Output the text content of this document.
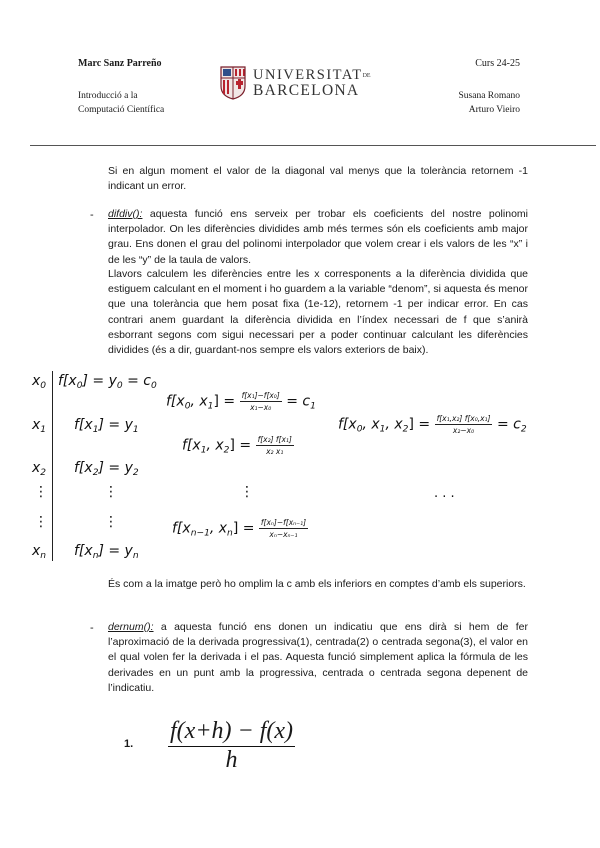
Marc Sanz Parreño
Introducció a la
Computació Científica
Curs 24-25
Susana Romano
Arturo Vieiro
UNIVERSITATDE
BARCELONA
Si en algun moment el valor de la diagonal val menys que la tolerància retornem -1 indicant un error.
- difdiv(): aquesta funció ens serveix per trobar els coeficients del nostre polinomi interpolador. On les diferències dividides amb més termes són els coeficients amb major grau. Ens donen el grau del polinomi interpolador que volem crear i els valors de les “x” i de les “y” de la taula de valors.
Llavors calculem les diferències entre les x corresponents a la diferència dividida que estiguem calculant en el moment i ho guardem a la variable “denom”, si aquesta és menor que una tolerància que hem posat fixa (1e-12), retornem -1 per indicar error. En cas contrari anem guardant la diferència dividida en l’índex necessari de f que s’anirà esborrant segons com sigui necessari per a poder continuar calculant les diferències dividides (és a dir, guardant-nos sempre els valors exteriors de baix).
$x_0$
$x_1$
$x_2$
⋮
⋮
$x_n$
$f[x_0] = y_0 = c_0$
$f[x_1] = y_1$
$f[x_2] = y_2$
⋮
⋮
$f[x_n] = y_n$
$f[x_0$, $x_1] = \frac{\text{f[x₁]−f[x₀]}}{\text{x₁−x₀}} = c_1$
$f[x_1$, $x_2] = \frac{\text{f[x₂] f[x₁]}}{\text{x₂ x₁}}$
⋮
$f[x_{n-1}$, $x_n] = \frac{\text{f[xₙ]−f[xₙ₋₁]}}{\text{xₙ−xₙ₋₁}}$
$f[x_0$, $x_1$, $x_2] = \frac{\text{f[x₁,x₂] f[x₀,x₁]}}{\text{x₂−x₀}} = c_2$
· · ·
És com a la imatge però ho omplim la c amb els inferiors en comptes d’amb els superiors.
- dernum(): a aquesta funció ens donen un indicatiu que ens dirà si hem de fer l’aproximació de la derivada progressiva(1), centrada(2) o centrada segona(3), el valor en el qual volen fer la derivada i el pas. Aquesta funció simplement aplica la fórmula de les derivades en un punt amb la progressiva, centrada o centrada segona depenent de l’indicatiu.
1. $\frac{f(x+h) - f(x)}{h}$
